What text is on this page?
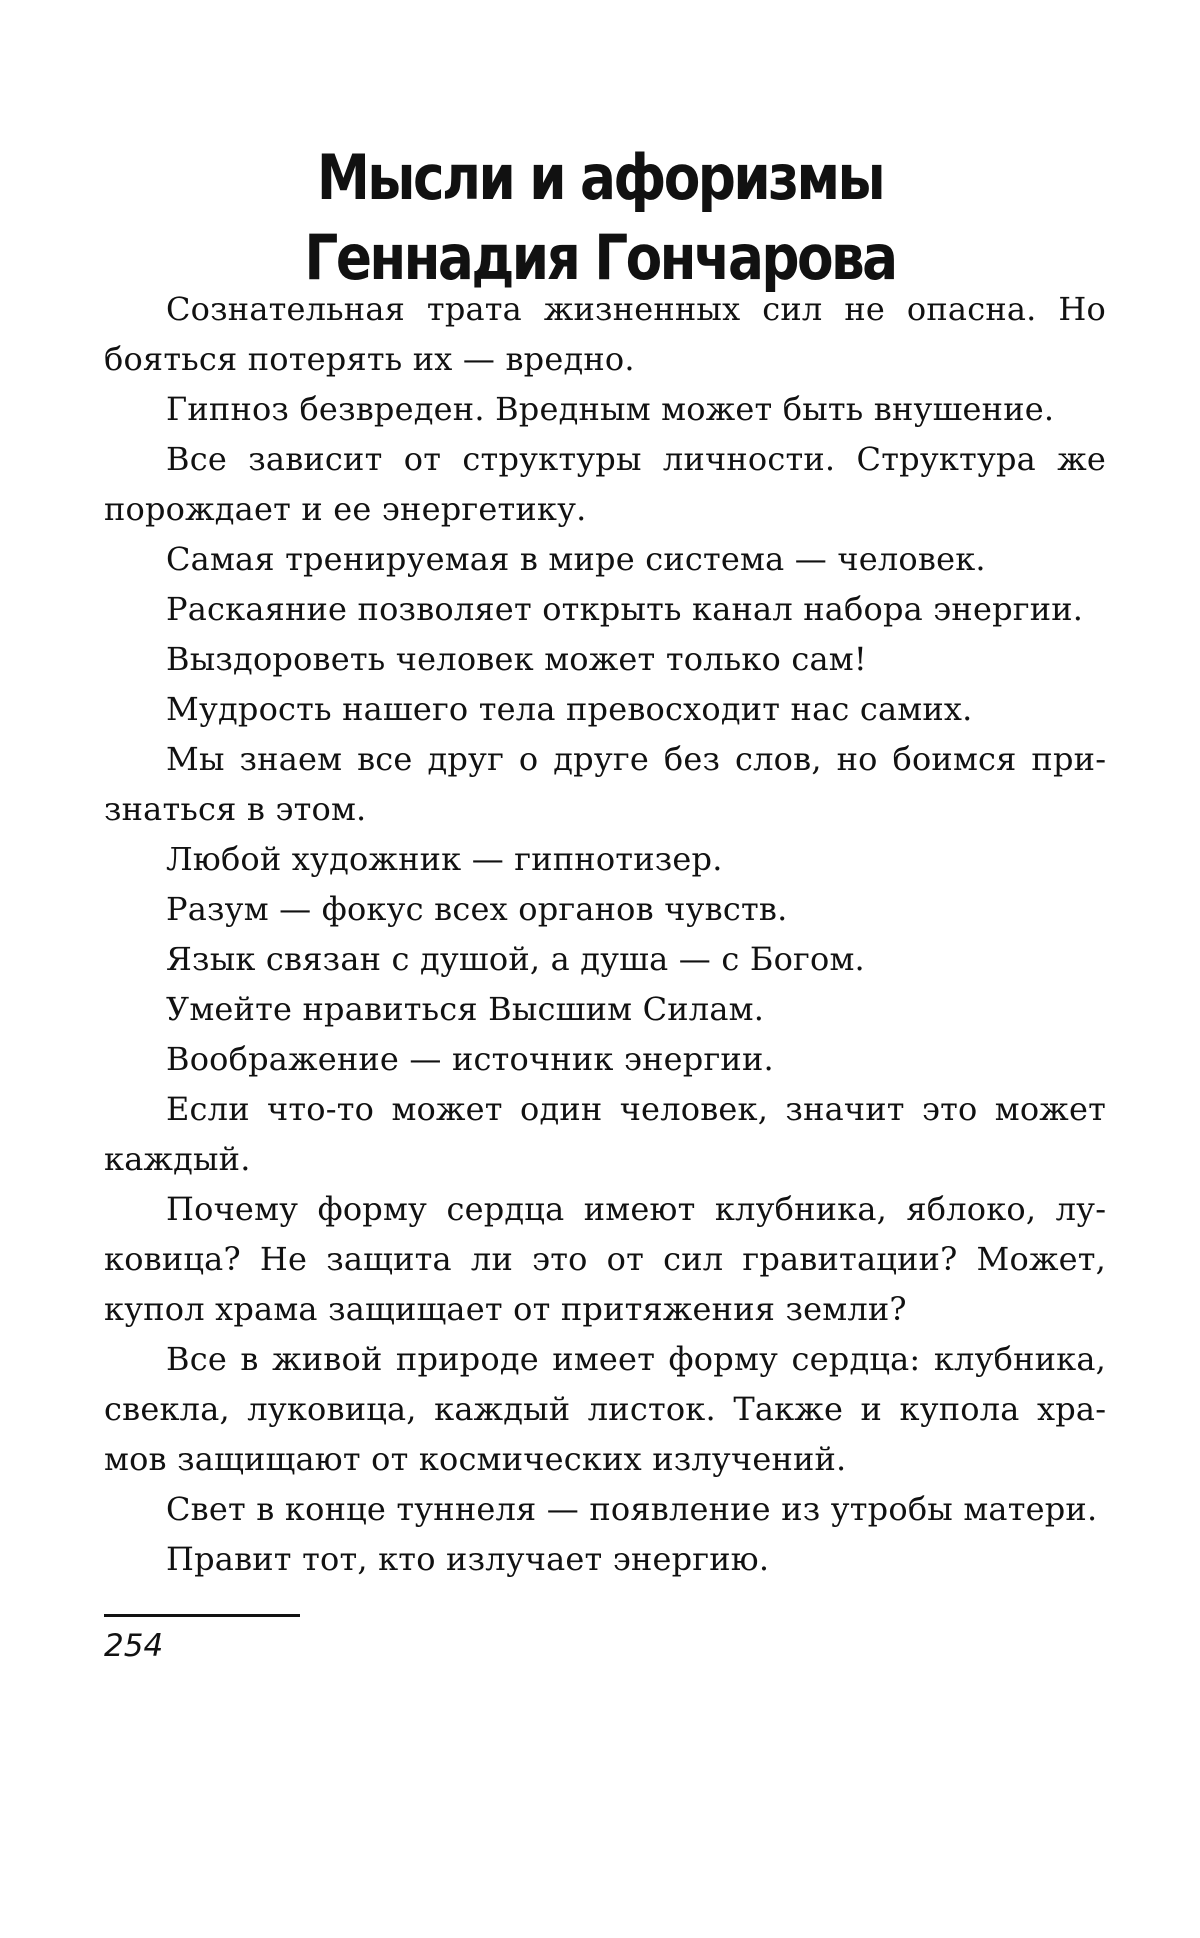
Мысли и афоризмы
Геннадия Гончарова

Сознательная трата жизненных сил не опасна. Но бояться потерять их — вредно.

Гипноз безвреден. Вредным может быть внушение.

Все зависит от структуры личности. Структура же порождает и ее энергетику.

Самая тренируемая в мире система — человек.

Раскаяние позволяет открыть канал набора энергии.

Выздороветь человек может только сам!

Мудрость нашего тела превосходит нас самих.

Мы знаем все друг о друге без слов, но боимся признаться в этом.

Любой художник — гипнотизер.

Разум — фокус всех органов чувств.

Язык связан с душой, а душа — с Богом.

Умейте нравиться Высшим Силам.

Воображение — источник энергии.

Если что-то может один человек, значит это может каждый.

Почему форму сердца имеют клубника, яблоко, луковица? Не защита ли это от сил гравитации? Может, купол храма защищает от притяжения земли?

Все в живой природе имеет форму сердца: клубника, свекла, луковица, каждый листок. Также и купола храмов защищают от космических излучений.

Свет в конце туннеля — появление из утробы матери.

Правит тот, кто излучает энергию.

254
